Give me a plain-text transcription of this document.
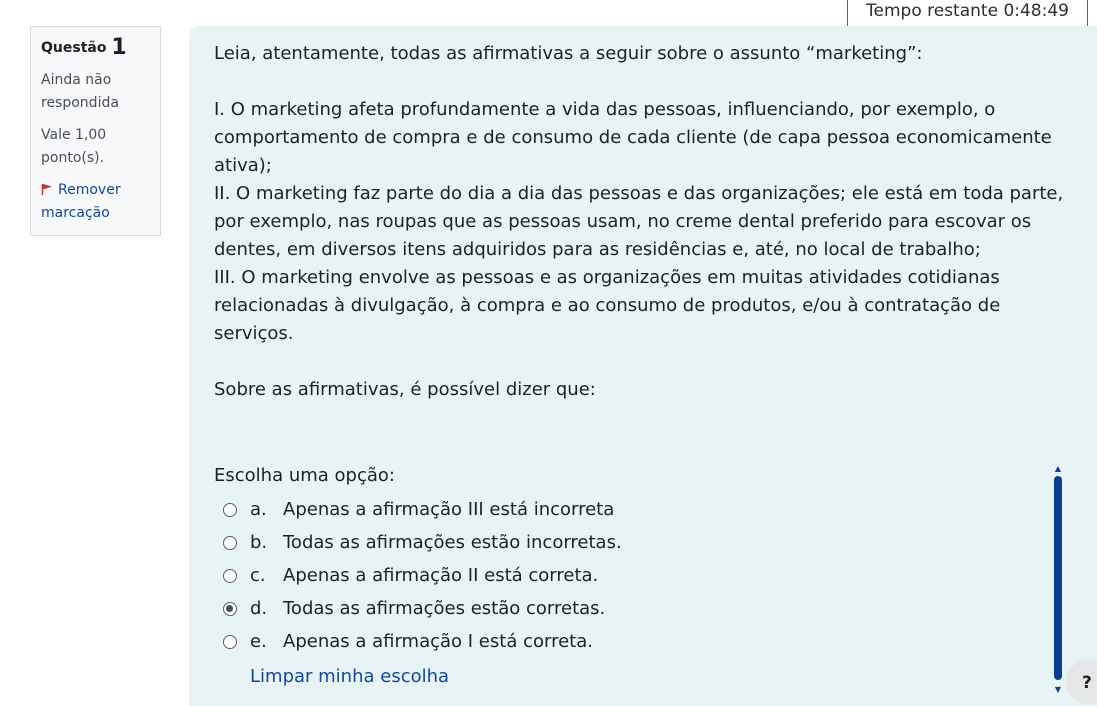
Tempo restante 0:48:49
Questão 1
Ainda não
respondida
Vale 1,00
ponto(s).
Remover
marcação

Leia, atentamente, todas as afirmativas a seguir sobre o assunto “marketing”:

I. O marketing afeta profundamente a vida das pessoas, influenciando, por exemplo, o comportamento de compra e de consumo de cada cliente (de capa pessoa economicamente ativa);

II. O marketing faz parte do dia a dia das pessoas e das organizações; ele está em toda parte, por exemplo, nas roupas que as pessoas usam, no creme dental preferido para escovar os dentes, em diversos itens adquiridos para as residências e, até, no local de trabalho;

III. O marketing envolve as pessoas e as organizações em muitas atividades cotidianas relacionadas à divulgação, à compra e ao consumo de produtos, e/ou à contratação de serviços.

Sobre as afirmativas, é possível dizer que:

Escolha uma opção:
a. Apenas a afirmação III está incorreta
b. Todas as afirmações estão incorretas.
c. Apenas a afirmação II está correta.
d. Todas as afirmações estão corretas.
e. Apenas a afirmação I está correta.
Limpar minha escolha
▲
▼ ?
